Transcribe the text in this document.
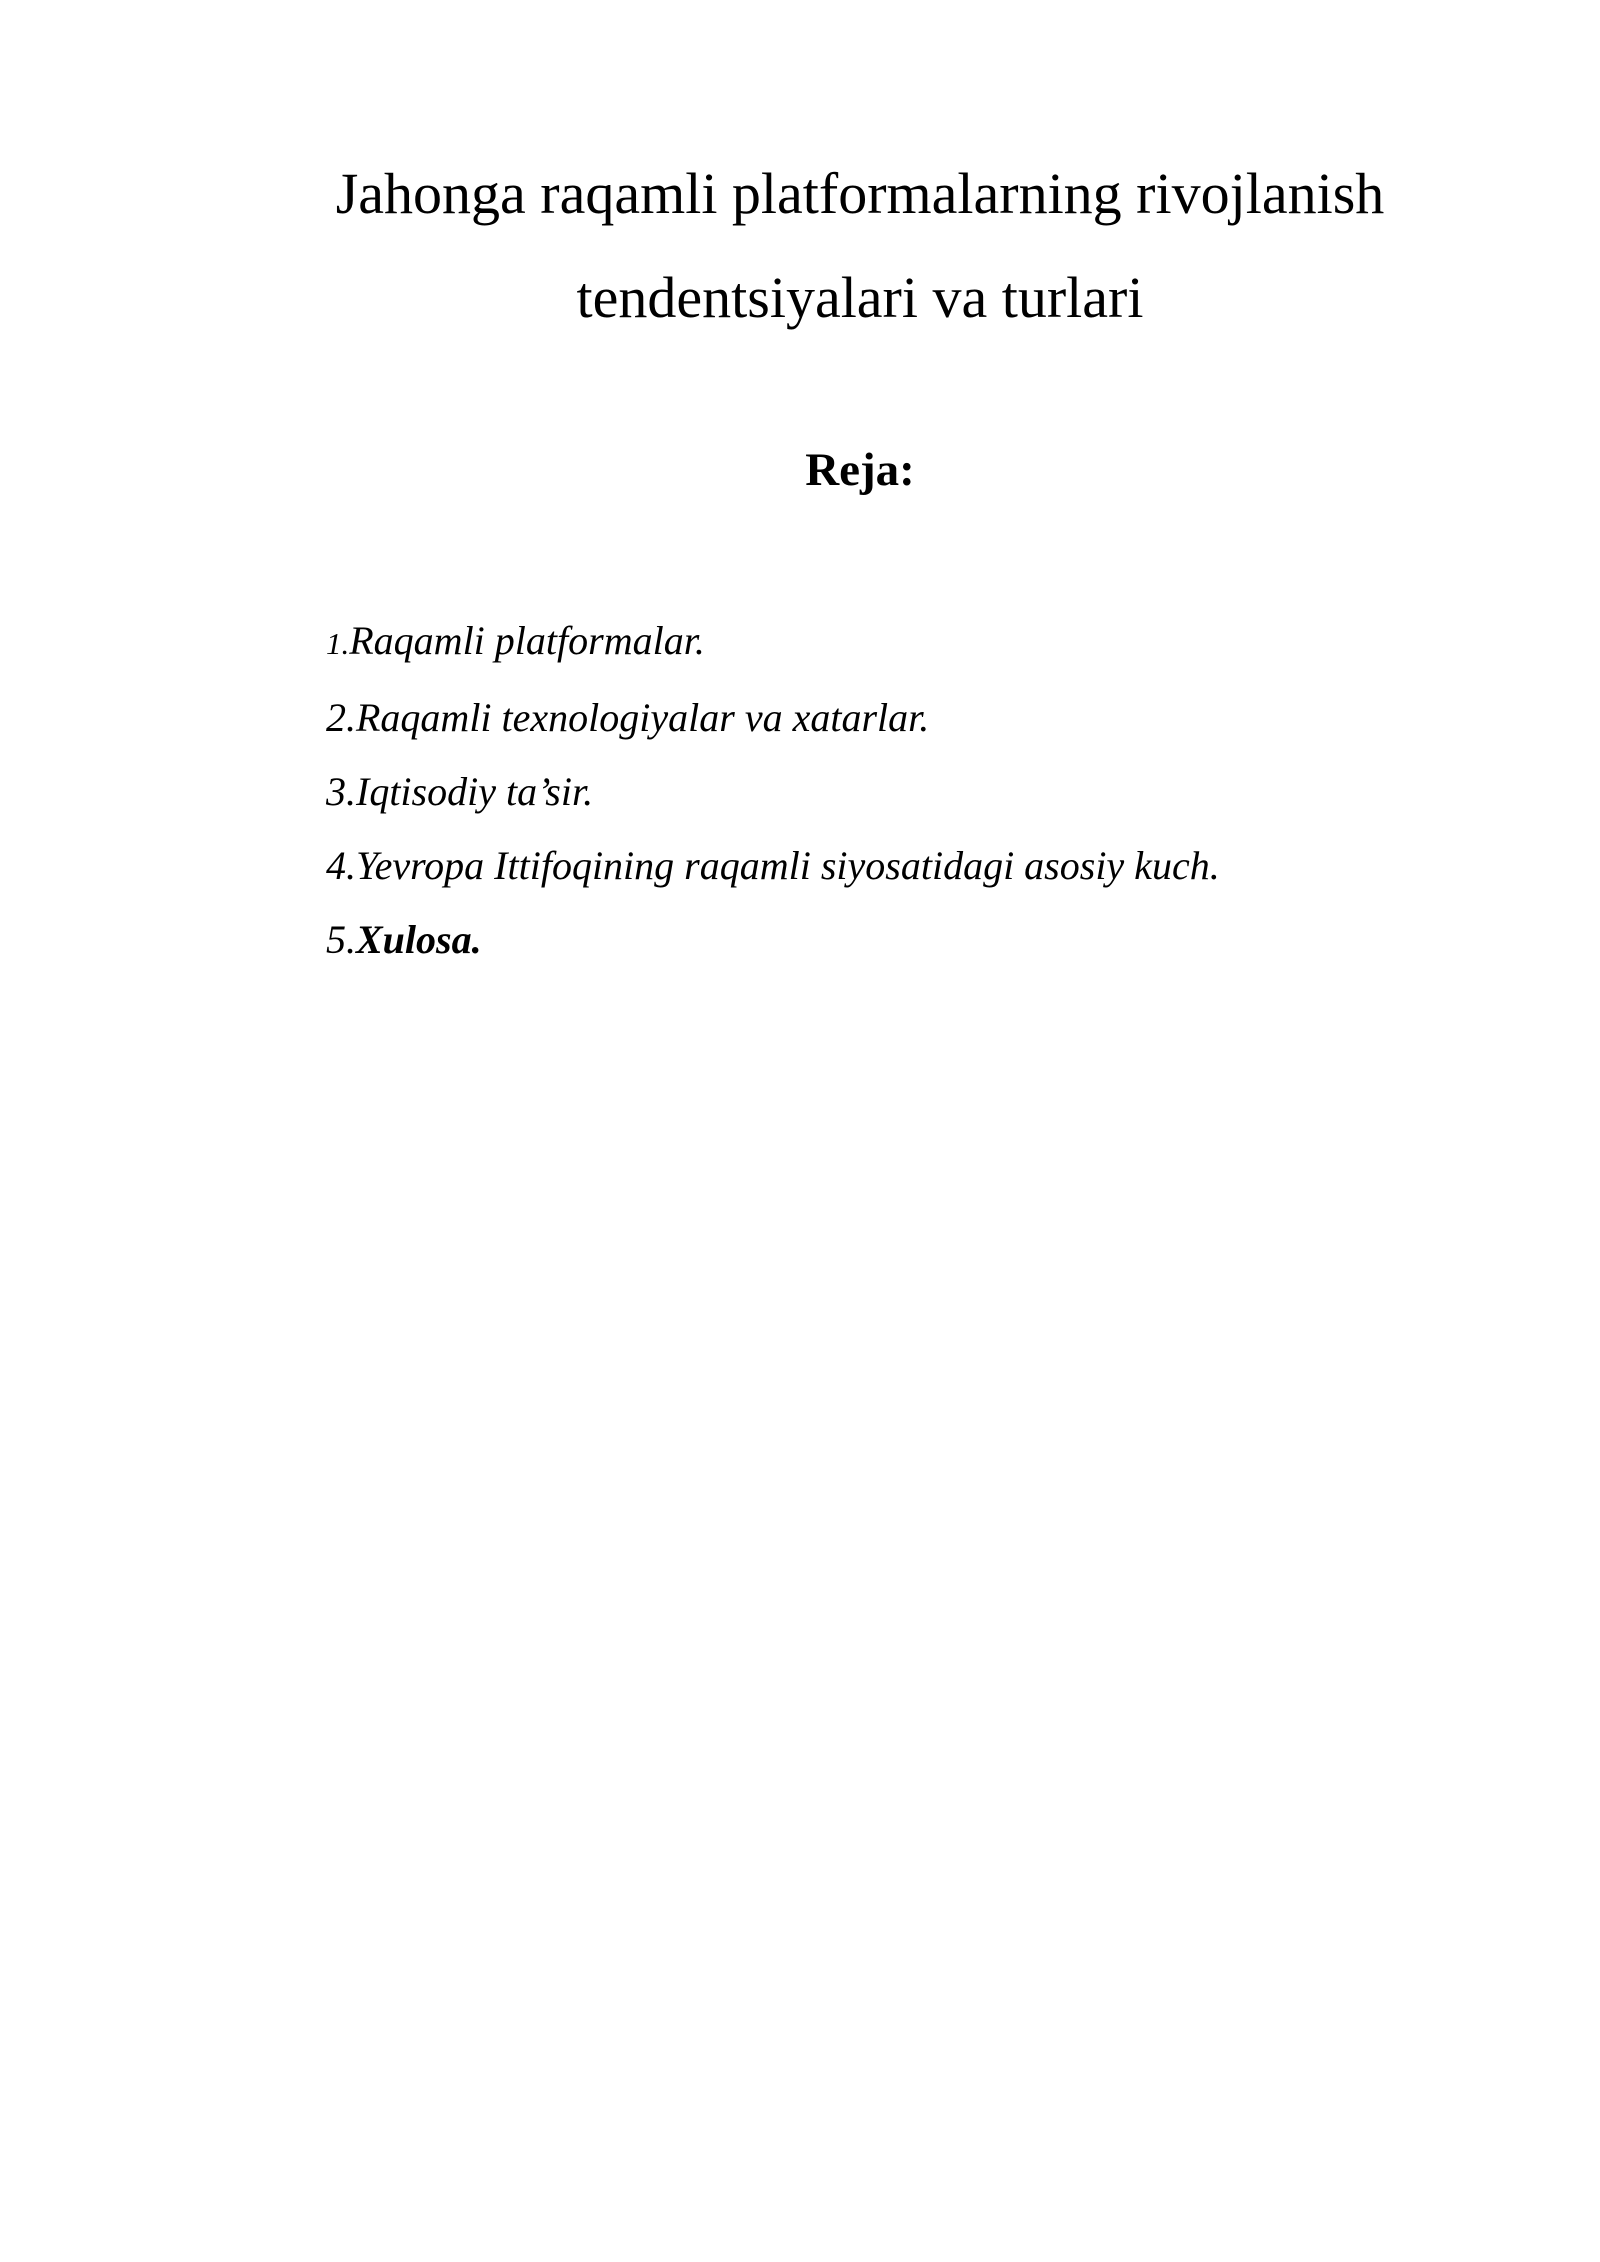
Jahonga raqamli platformalarning rivojlanish
tendentsiyalari va turlari
Reja:
1.Raqamli platformalar.
2.Raqamli texnologiyalar va xatarlar.
3.Iqtisodiy ta’sir.
4.Yevropa Ittifoqining raqamli siyosatidagi asosiy kuch.
5.Xulosa.
